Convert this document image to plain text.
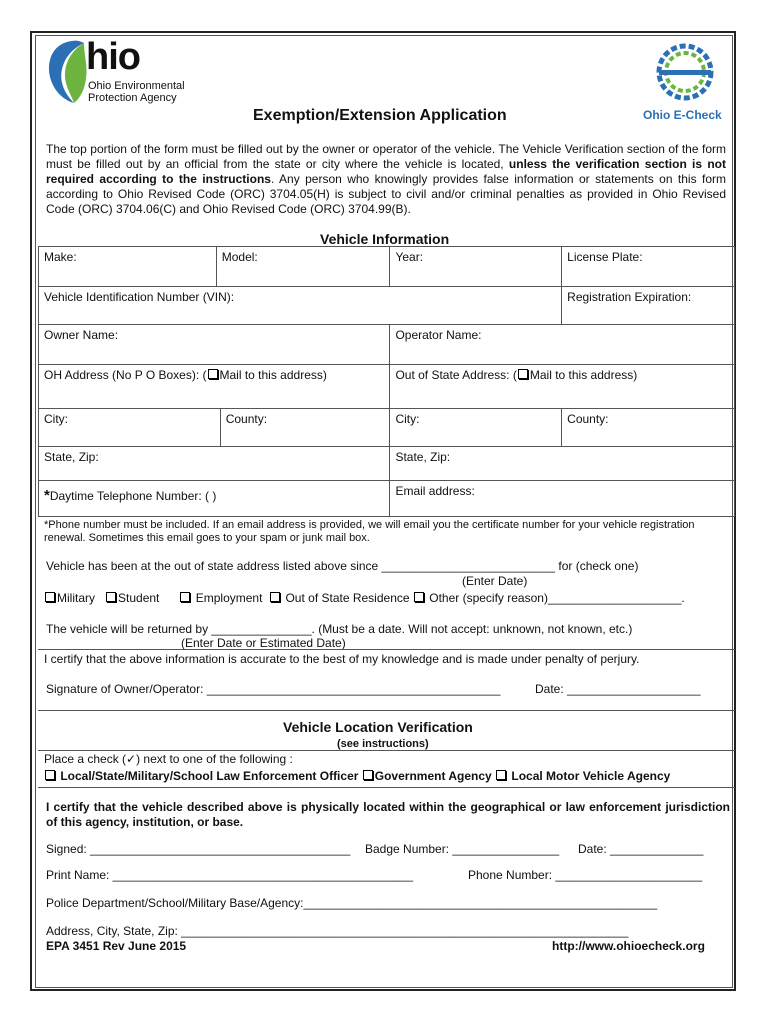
hio
Ohio Environmental
Protection Agency
Ohio E-Check
Exemption/Extension Application
The top portion of the form must be filled out by the owner or operator of the vehicle. The Vehicle Verification section of the form must be filled out by an official from the state or city where the vehicle is located, unless the verification section is not required according to the instructions. Any person who knowingly provides false information or statements on this form according to Ohio Revised Code (ORC) 3704.05(H) is subject to civil and/or criminal penalties as provided in Ohio Revised Code (ORC) 3704.06(C) and Ohio Revised Code (ORC) 3704.99(B).
Vehicle Information
Make:	Model:		Year:	License Plate:
Vehicle Identification Number (VIN):				Registration Expiration:
Owner Name:			Operator Name:	
OH Address (No P O Boxes): ( Mail to this address)			Out of State Address: ( Mail to this address)	
City:		County:	City:	County:
State, Zip:			State, Zip:	
*Daytime Telephone Number: ( )			Email address:	
*Phone number must be included. If an email address is provided, we will email you the certificate number for your vehicle registration renewal. Sometimes this email goes to your spam or junk mail box.
Vehicle has been at the out of state address listed above since __________________________ for (check one)
(Enter Date)
Military Student	Employment Out of State Residence Other (specify reason)____________________.
The vehicle will be returned by _______________. (Must be a date. Will not accept: unknown, not known, etc.)
(Enter Date or Estimated Date)
I certify that the above information is accurate to the best of my knowledge and is made under penalty of perjury.
Signature of Owner/Operator: ____________________________________________	Date: ____________________
Vehicle Location Verification
(see instructions)
Place a check (✓) next to one of the following :
Local/State/Military/School Law Enforcement Officer Government Agency Local Motor Vehicle Agency
I certify that the vehicle described above is physically located within the geographical or law enforcement jurisdiction of this agency, institution, or base.
Signed: _______________________________________ Badge Number: ________________ Date: ______________
Print Name: _____________________________________________	Phone Number: ______________________
Police Department/School/Military Base/Agency:_____________________________________________________
Address, City, State, Zip: ___________________________________________________________________
EPA 3451 Rev June 2015	http://www.ohioecheck.org
